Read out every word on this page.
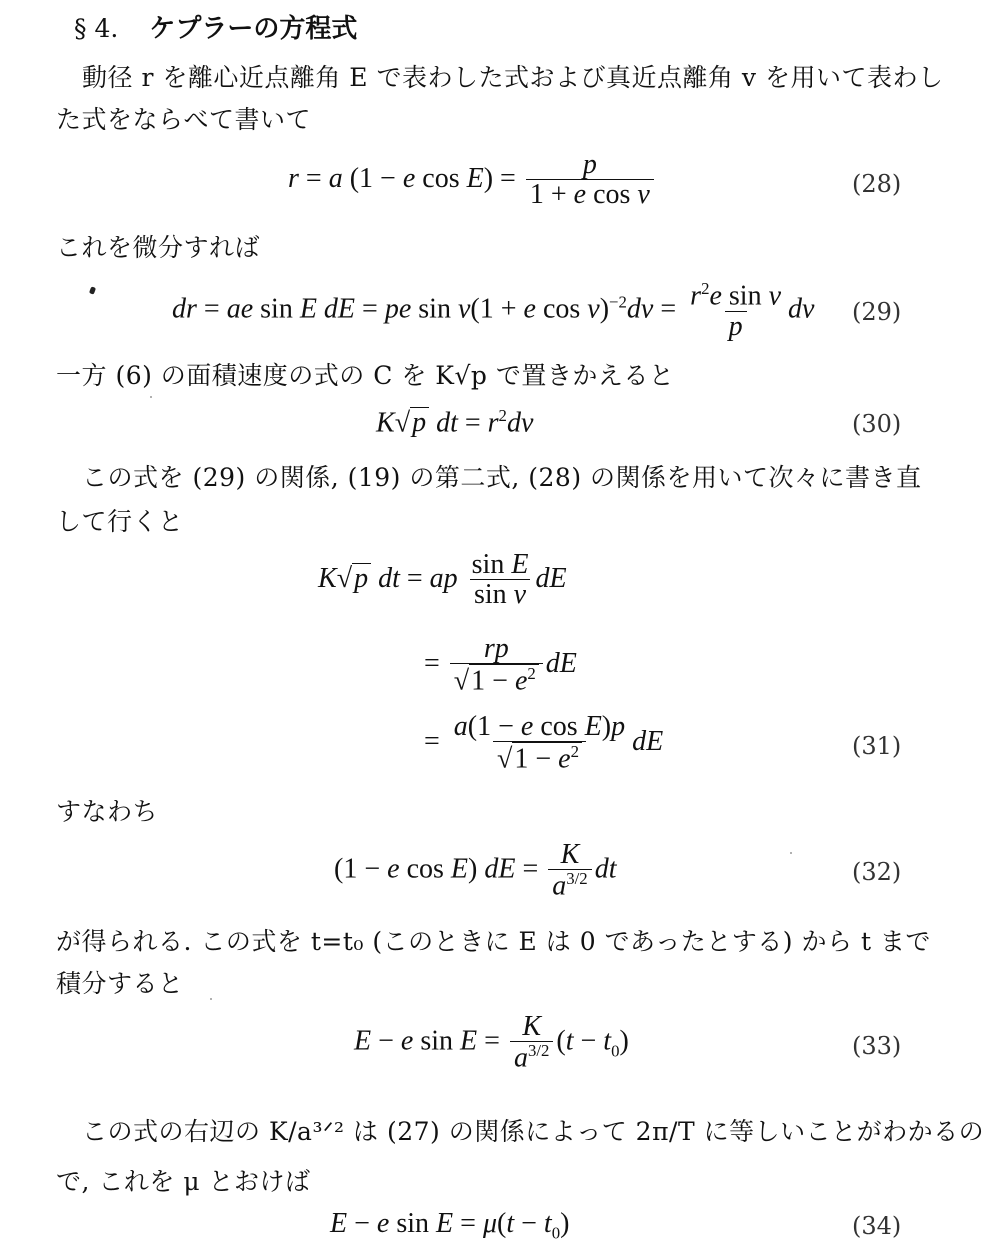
§ 4. ケプラーの方程式
動径 r を離心近点離角 E で表わした式および真近点離角 v を用いて表わし
た式をならべて書いて
r = a (1 − e $\cos E) = \frac{p}{\text{1 + e cos v}}$	(28)
これを微分すれば
dr = ae sin E dE = pe sin v(1 + e $\cos v)^{-2}dv = \frac{r^2e \sin v}{p}$ dv (29)
一方 (6) の面積速度の式の C を K√p で置きかえると
K√p dt = $r^2dv$	(30)
この式を (29) の関係, (19) の第二式, (28) の関係を用いて次々に書き直
して行くと
K√p dt = ap $\frac{\text{sin E}}{\text{sin v}}$ dE
= $\frac{rp}{√1 - e^2}$ dE
= $\frac{\text{a(1 − e cos E)p}}{√1 - e^2}$ dE	(31)
すなわち
(1 − e cos E) dE = $\frac{K}{a^{3/2}}$ dt	(32)
が得られる. この式を t=t₀ (このときに E は 0 であったとする) から t まで
積分すると
E − e $\sin E = \frac{K}{a^{3/2}} (t - t_0)$	(33)
この式の右辺の K/a³ᐟ² は (27) の関係によって 2π/T に等しいことがわかるの
で, これを μ とおけば
E − e $\sin E = \mu(t - t_0)$	(34)
